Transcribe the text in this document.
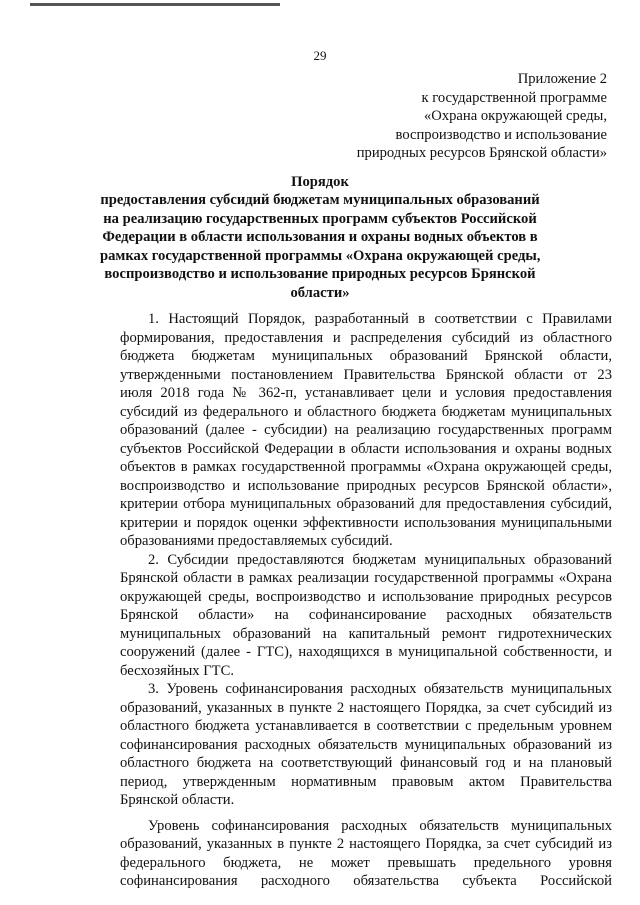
29
Приложение 2
к государственной программе
«Охрана окружающей среды,
воспроизводство и использование
природных ресурсов Брянской области»
Порядок
предоставления субсидий бюджетам муниципальных образований
на реализацию государственных программ субъектов Российской
Федерации в области использования и охраны водных объектов в
рамках государственной программы «Охрана окружающей среды,
воспроизводство и использование природных ресурсов Брянской
области»
1. Настоящий Порядок, разработанный в соответствии с Правилами
формирования, предоставления и распределения субсидий из областного
бюджета бюджетам муниципальных образований Брянской области,
утвержденными постановлением Правительства Брянской области от 23
июля 2018 года № 362-п, устанавливает цели и условия предоставления
субсидий из федерального и областного бюджета бюджетам муниципальных
образований (далее - субсидии) на реализацию государственных программ
субъектов Российской Федерации в области использования и охраны водных
объектов в рамках государственной программы «Охрана окружающей среды,
воспроизводство и использование природных ресурсов Брянской области»,
критерии отбора муниципальных образований для предоставления субсидий,
критерии и порядок оценки эффективности использования муниципальными
образованиями предоставляемых субсидий.
2. Субсидии предоставляются бюджетам муниципальных образований
Брянской области в рамках реализации государственной программы «Охрана
окружающей среды, воспроизводство и использование природных ресурсов
Брянской области» на софинансирование расходных обязательств
муниципальных образований на капитальный ремонт гидротехнических
сооружений (далее - ГТС), находящихся в муниципальной собственности, и
бесхозяйных ГТС.
3. Уровень софинансирования расходных обязательств муниципальных
образований, указанных в пункте 2 настоящего Порядка, за счет субсидий из
областного бюджета устанавливается в соответствии с предельным уровнем
софинансирования расходных обязательств муниципальных образований из
областного бюджета на соответствующий финансовый год и на плановый
период, утвержденным нормативным правовым актом Правительства
Брянской области.
Уровень софинансирования расходных обязательств муниципальных
образований, указанных в пункте 2 настоящего Порядка, за счет субсидий из
федерального бюджета, не может превышать предельного уровня
софинансирования расходного обязательства субъекта Российской
